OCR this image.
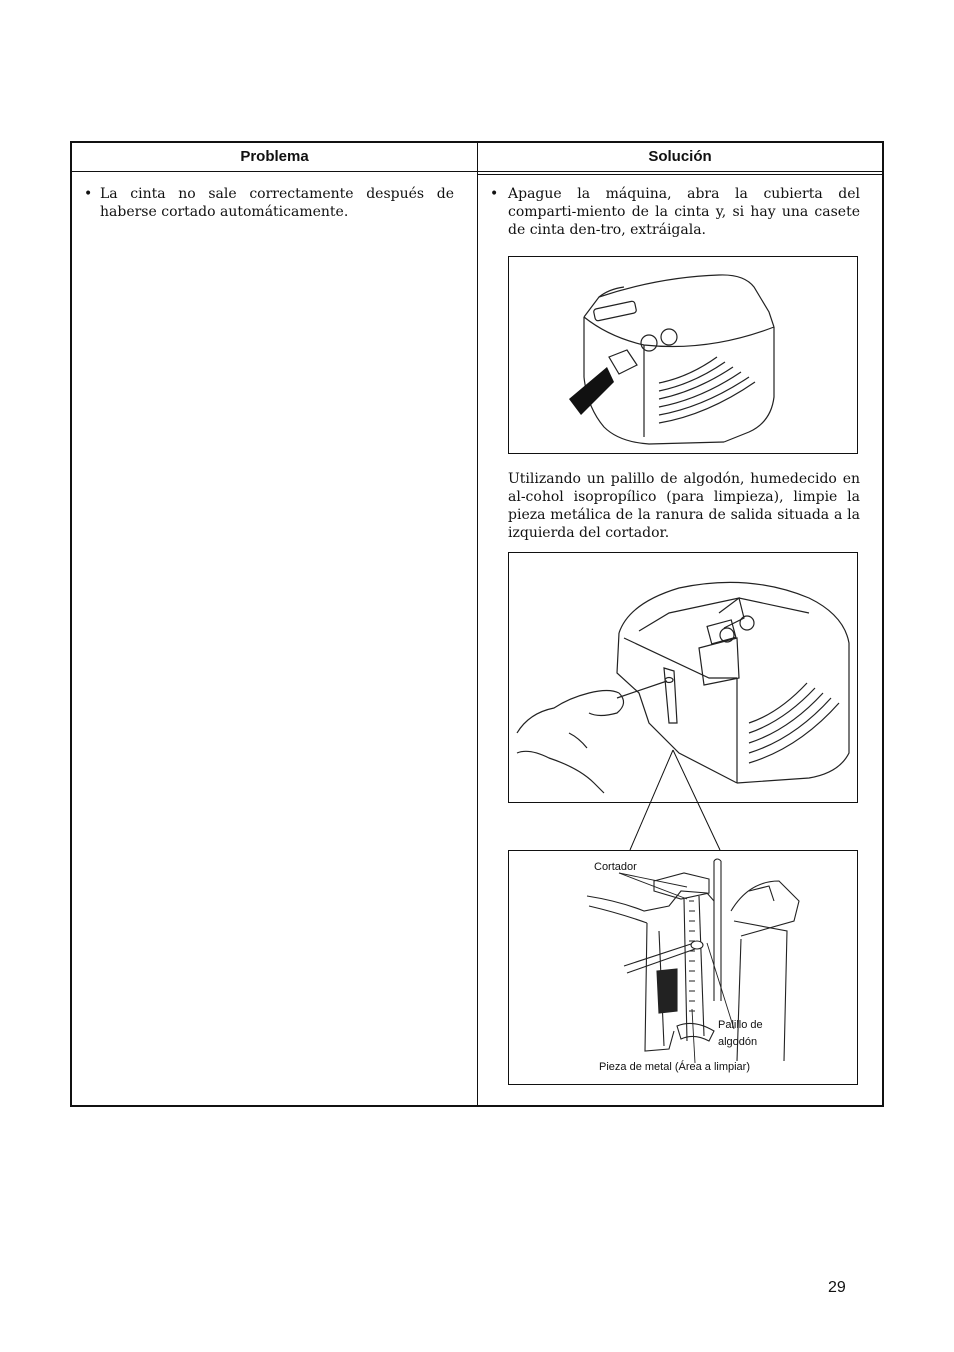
Problema	Solución
• La cinta no sale correctamente después de haberse cortado automáticamente.
• Apague la máquina, abra la cubierta del comparti-miento de la cinta y, si hay una casete de cinta den-tro, extráigala.
Utilizando un palillo de algodón, humedecido en al-cohol isopropílico (para limpieza), limpie la pieza metálica de la ranura de salida situada a la izquierda del cortador.
Cortador
Palillo de
algodón
Pieza de metal (Área a limpiar)
29
